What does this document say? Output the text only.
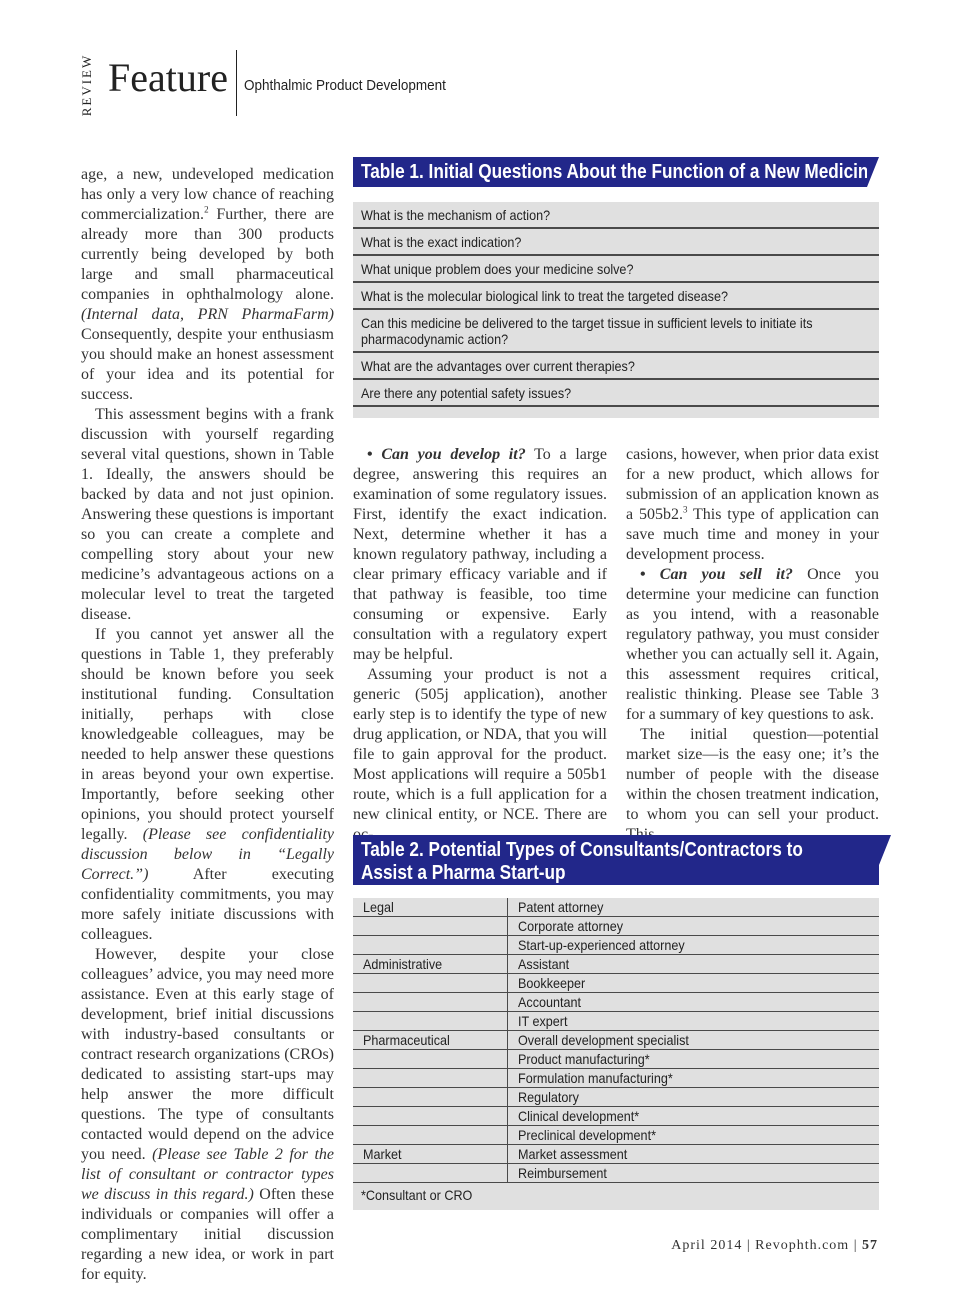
REVIEW Feature Ophthalmic Product Development

age, a new, undeveloped medication has only a very low chance of reaching commercialization.$^2$ Further, there are already more than 300 products currently being developed by both large and small pharmaceutical companies in ophthalmology alone. (Internal data, PRN PharmaFarm) Consequently, despite your enthusiasm you should make an honest assessment of your idea and its potential for success.

This assessment begins with a frank discussion with yourself regarding several vital questions, shown in Table 1. Ideally, the answers should be backed by data and not just opinion. Answering these questions is important so you can create a complete and compelling story about your new medicine’s advantageous actions on a molecular level to treat the targeted disease.

If you cannot yet answer all the questions in Table 1, they preferably should be known before you seek institutional funding. Consultation initially, perhaps with close knowledgeable colleagues, may be needed to help answer these questions in areas beyond your own expertise. Importantly, before seeking other opinions, you should protect yourself legally. (Please see confidentiality discussion below in “Legally Correct.”) After executing confidentiality commitments, you may more safely initiate discussions with colleagues.

However, despite your close colleagues’ advice, you may need more assistance. Even at this early stage of development, brief initial discussions with industry-based consultants or contract research organizations (CROs) dedicated to assisting start-ups may help answer the more difficult questions. The type of consultants contacted would depend on the advice you need. (Please see Table 2 for the list of consultant or contractor types we discuss in this regard.) Often these individuals or companies will offer a complimentary initial discussion regarding a new idea, or work in part for equity.

Table 1. Initial Questions About the Function of a New Medicine
What is the mechanism of action?
What is the exact indication?
What unique problem does your medicine solve?
What is the molecular biological link to treat the targeted disease?
Can this medicine be delivered to the target tissue in sufficient levels to initiate its pharmacodynamic action?
What are the advantages over current therapies?
Are there any potential safety issues?

• Can you develop it? To a large degree, answering this requires an examination of some regulatory issues. First, identify the exact indication. Next, determine whether it has a known regulatory pathway, including a clear primary efficacy variable and if that pathway is feasible, too time consuming or expensive. Early consultation with a regulatory expert may be helpful.

Assuming your product is not a generic (505j application), another early step is to identify the type of new drug application, or NDA, that you will file to gain approval for the product. Most applications will require a 505b1 route, which is a full application for a new clinical entity, or NCE. There are

casions, however, when prior data exist for a new product, which allows for submission of an application known as a 505b2.$^3$ This type of application can save much time and money in your development process.

• Can you sell it? Once you determine your medicine can function as you intend, with a reasonable regulatory pathway, you must consider whether you can actually sell it. Again, this assessment requires critical, realistic thinking. Please see Table 3 for a summary of key questions to ask.

The initial question—potential market size—is the easy one; it’s the number of people with the disease within the chosen treatment indication, to whom you can sell your product.

Table 2. Potential Types of Consultants/Contractors to
Assist a Pharma Start-up
Legal	Patent attorney
Corporate attorney
Start-up-experienced attorney
Administrative	Assistant
Bookkeeper
Accountant
IT expert
Pharmaceutical	Overall development specialist
Product manufacturing*
Formulation manufacturing*
Regulatory
Clinical development*
Preclinical development*
Market	Market assessment
Reimbursement
*Consultant or CRO
April 2014 | Revophth.com | 57
